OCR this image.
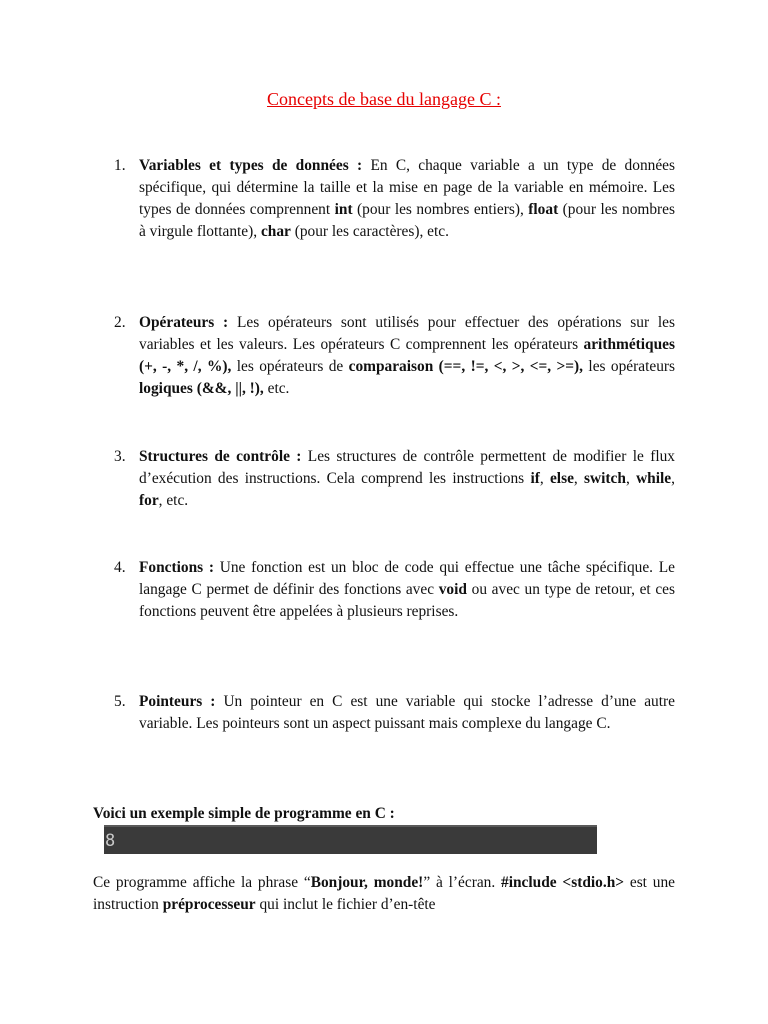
Concepts de base du langage C :
1. Variables et types de données : En C, chaque variable a un type de données spécifique, qui détermine la taille et la mise en page de la variable en mémoire. Les types de données comprennent int (pour les nombres entiers), float (pour les nombres à virgule flottante), char (pour les caractères), etc.
2. Opérateurs : Les opérateurs sont utilisés pour effectuer des opérations sur les variables et les valeurs. Les opérateurs C comprennent les opérateurs arithmétiques (+, -, *, /, %), les opérateurs de comparaison (==, !=, <, >, <=, >=), les opérateurs logiques (&&, ||, !), etc.
3. Structures de contrôle : Les structures de contrôle permettent de modifier le flux d’exécution des instructions. Cela comprend les instructions if, else, switch, while, for, etc.
4. Fonctions : Une fonction est un bloc de code qui effectue une tâche spécifique. Le langage C permet de définir des fonctions avec void ou avec un type de retour, et ces fonctions peuvent être appelées à plusieurs reprises.
5. Pointeurs : Un pointeur en C est une variable qui stocke l’adresse d’une autre variable. Les pointeurs sont un aspect puissant mais complexe du langage C.
Voici un exemple simple de programme en C :
8
Ce programme affiche la phrase “Bonjour, monde!” à l’écran. #include <stdio.h> est une instruction préprocesseur qui inclut le fichier d’en-tête
